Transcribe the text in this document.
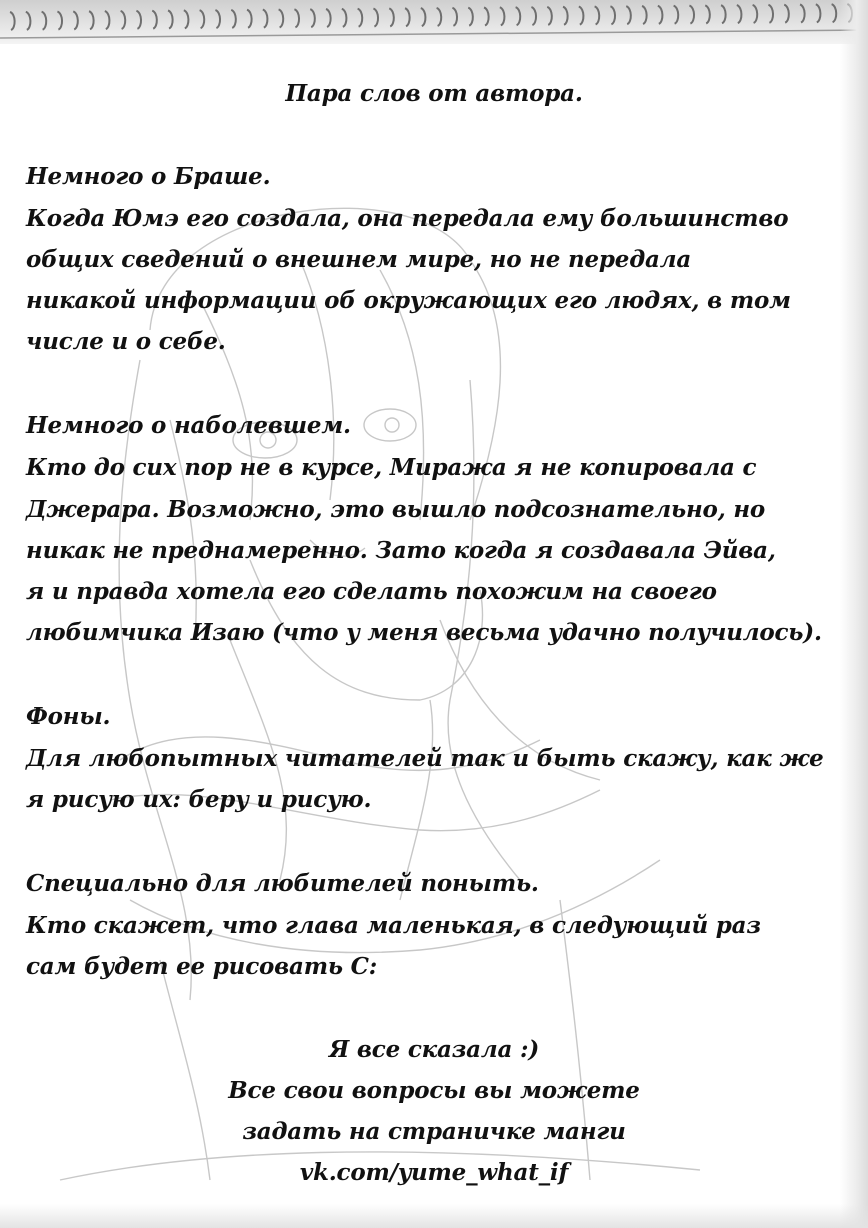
Пара слов от автора.
Немного о Браше.
Когда Юмэ его создала, она передала ему большинство
общих сведений о внешнем мире, но не передала
никакой информации об окружающих его людях, в том
числе и о себе.
Немного о наболевшем.
Кто до сих пор не в курсе, Миража я не копировала с
Джерара. Возможно, это вышло подсознательно, но
никак не преднамеренно. Зато когда я создавала Эйва,
я и правда хотела его сделать похожим на своего
любимчика Изаю (что у меня весьма удачно получилось).
Фоны.
Для любопытных читателей так и быть скажу, как же
я рисую их: беру и рисую.
Специально для любителей поныть.
Кто скажет, что глава маленькая, в следующий раз
сам будет ее рисовать С:
Я все сказала :)
Все свои вопросы вы можете
задать на страничке манги
vk.com/yume_what_if
